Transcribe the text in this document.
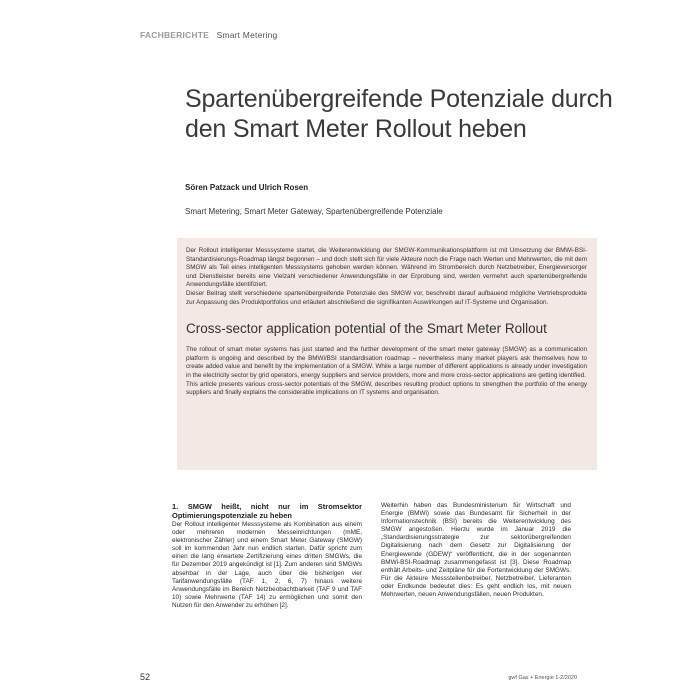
FACHBERICHTE Smart Metering
Spartenübergreifende Potenziale durch den Smart Meter Rollout heben
Sören Patzack und Ulrich Rosen
Smart Metering, Smart Meter Gateway, Spartenübergreifende Potenziale

Der Rollout intelligenter Messsysteme startet, die Weiterentwicklung der SMGW-Kommunikationsplattform ist mit Umsetzung der BMWi-BSI-Standardisierungs-Roadmap längst begonnen – und doch stellt sich für viele Akteure noch die Frage nach Werten und Mehrwerten, die mit dem SMGW als Teil eines intelligenten Messsystems gehoben werden können. Während im Strombereich durch Netzbetreiber, Energieversorger und Dienstleister bereits eine Vielzahl verschiedener Anwendungsfälle in der Erprobung sind, werden vermehrt auch spartenübergreifende Anwendungsfälle identifiziert.

Dieser Beitrag stellt verschiedene spartenübergreifende Potenziale des SMGW vor, beschreibt darauf aufbauend mögliche Vertriebsprodukte zur Anpassung des Produktportfolios und erläutert abschließend die signifikanten Auswirkungen auf IT-Systeme und Organisation.

Cross-sector application potential of the Smart Meter Rollout

The rollout of smart meter systems has just started and the further development of the smart meter gateway (SMGW) as a communication platform is ongoing and described by the BMWi/BSI standardisation roadmap – nevertheless many market players ask themselves how to create added value and benefit by the implementation of a SMGW. While a large number of different applications is already under investigation in the electricity sector by grid operators, energy suppliers and service providers, more and more cross-sector applications are getting identified.

This article presents various cross-sector potentials of the SMGW, describes resulting product options to strengthen the portfolio of the energy suppliers and finally explains the considerable implications on IT systems and organisation.

1. SMGW heißt, nicht nur im Stromsektor Optimierungspotenziale zu heben

Der Rollout intelligenter Messsysteme als Kombination aus einem oder mehreren modernen Messeinrichtungen (mME, elektronischer Zähler) und einem Smart Meter Gateway (SMGW) soll im kommenden Jahr nun endlich starten. Dafür spricht zum einen die lang erwartete Zertifizierung eines dritten SMGWs, die für Dezember 2019 angekündigt ist [1]. Zum anderen sind SMGWs absehbar in der Lage, auch über die bisherigen vier Tarifanwendungsfälle (TAF 1, 2, 6, 7) hinaus weitere Anwendungsfälle im Bereich Netzbeobachtbarkeit (TAF 9 und TAF 10) sowie Mehrwerte (TAF 14) zu ermöglichen und somit den Nutzen für den Anwender zu erhöhen [2].

Weiterhin haben das Bundesministerium für Wirtschaft und Energie (BMWi) sowie das Bundesamt für Sicherheit in der Informationstechnik (BSI) bereits die Weiterentwicklung des SMGW angestoßen. Hierzu wurde im Januar 2019 die „Standardisierungsstrategie zur sektorübergreifenden Digitalisierung nach dem Gesetz zur Digitalisierung der Energiewende (GDEW)“ veröffentlicht, die in der sogenannten BMWi-BSI-Roadmap zusammengefasst ist [3]. Diese Roadmap enthält Arbeits- und Zeitpläne für die Fortentwicklung der SMGWs. Für die Akteure Messstellenbetreiber, Netzbetreiber, Lieferanten oder Endkunde bedeutet dies: Es geht endlich los, mit neuen Mehrwerten, neuen Anwendungsfällen, neuen Produkten.

52	gwf Gas + Energie 1-2/2020
